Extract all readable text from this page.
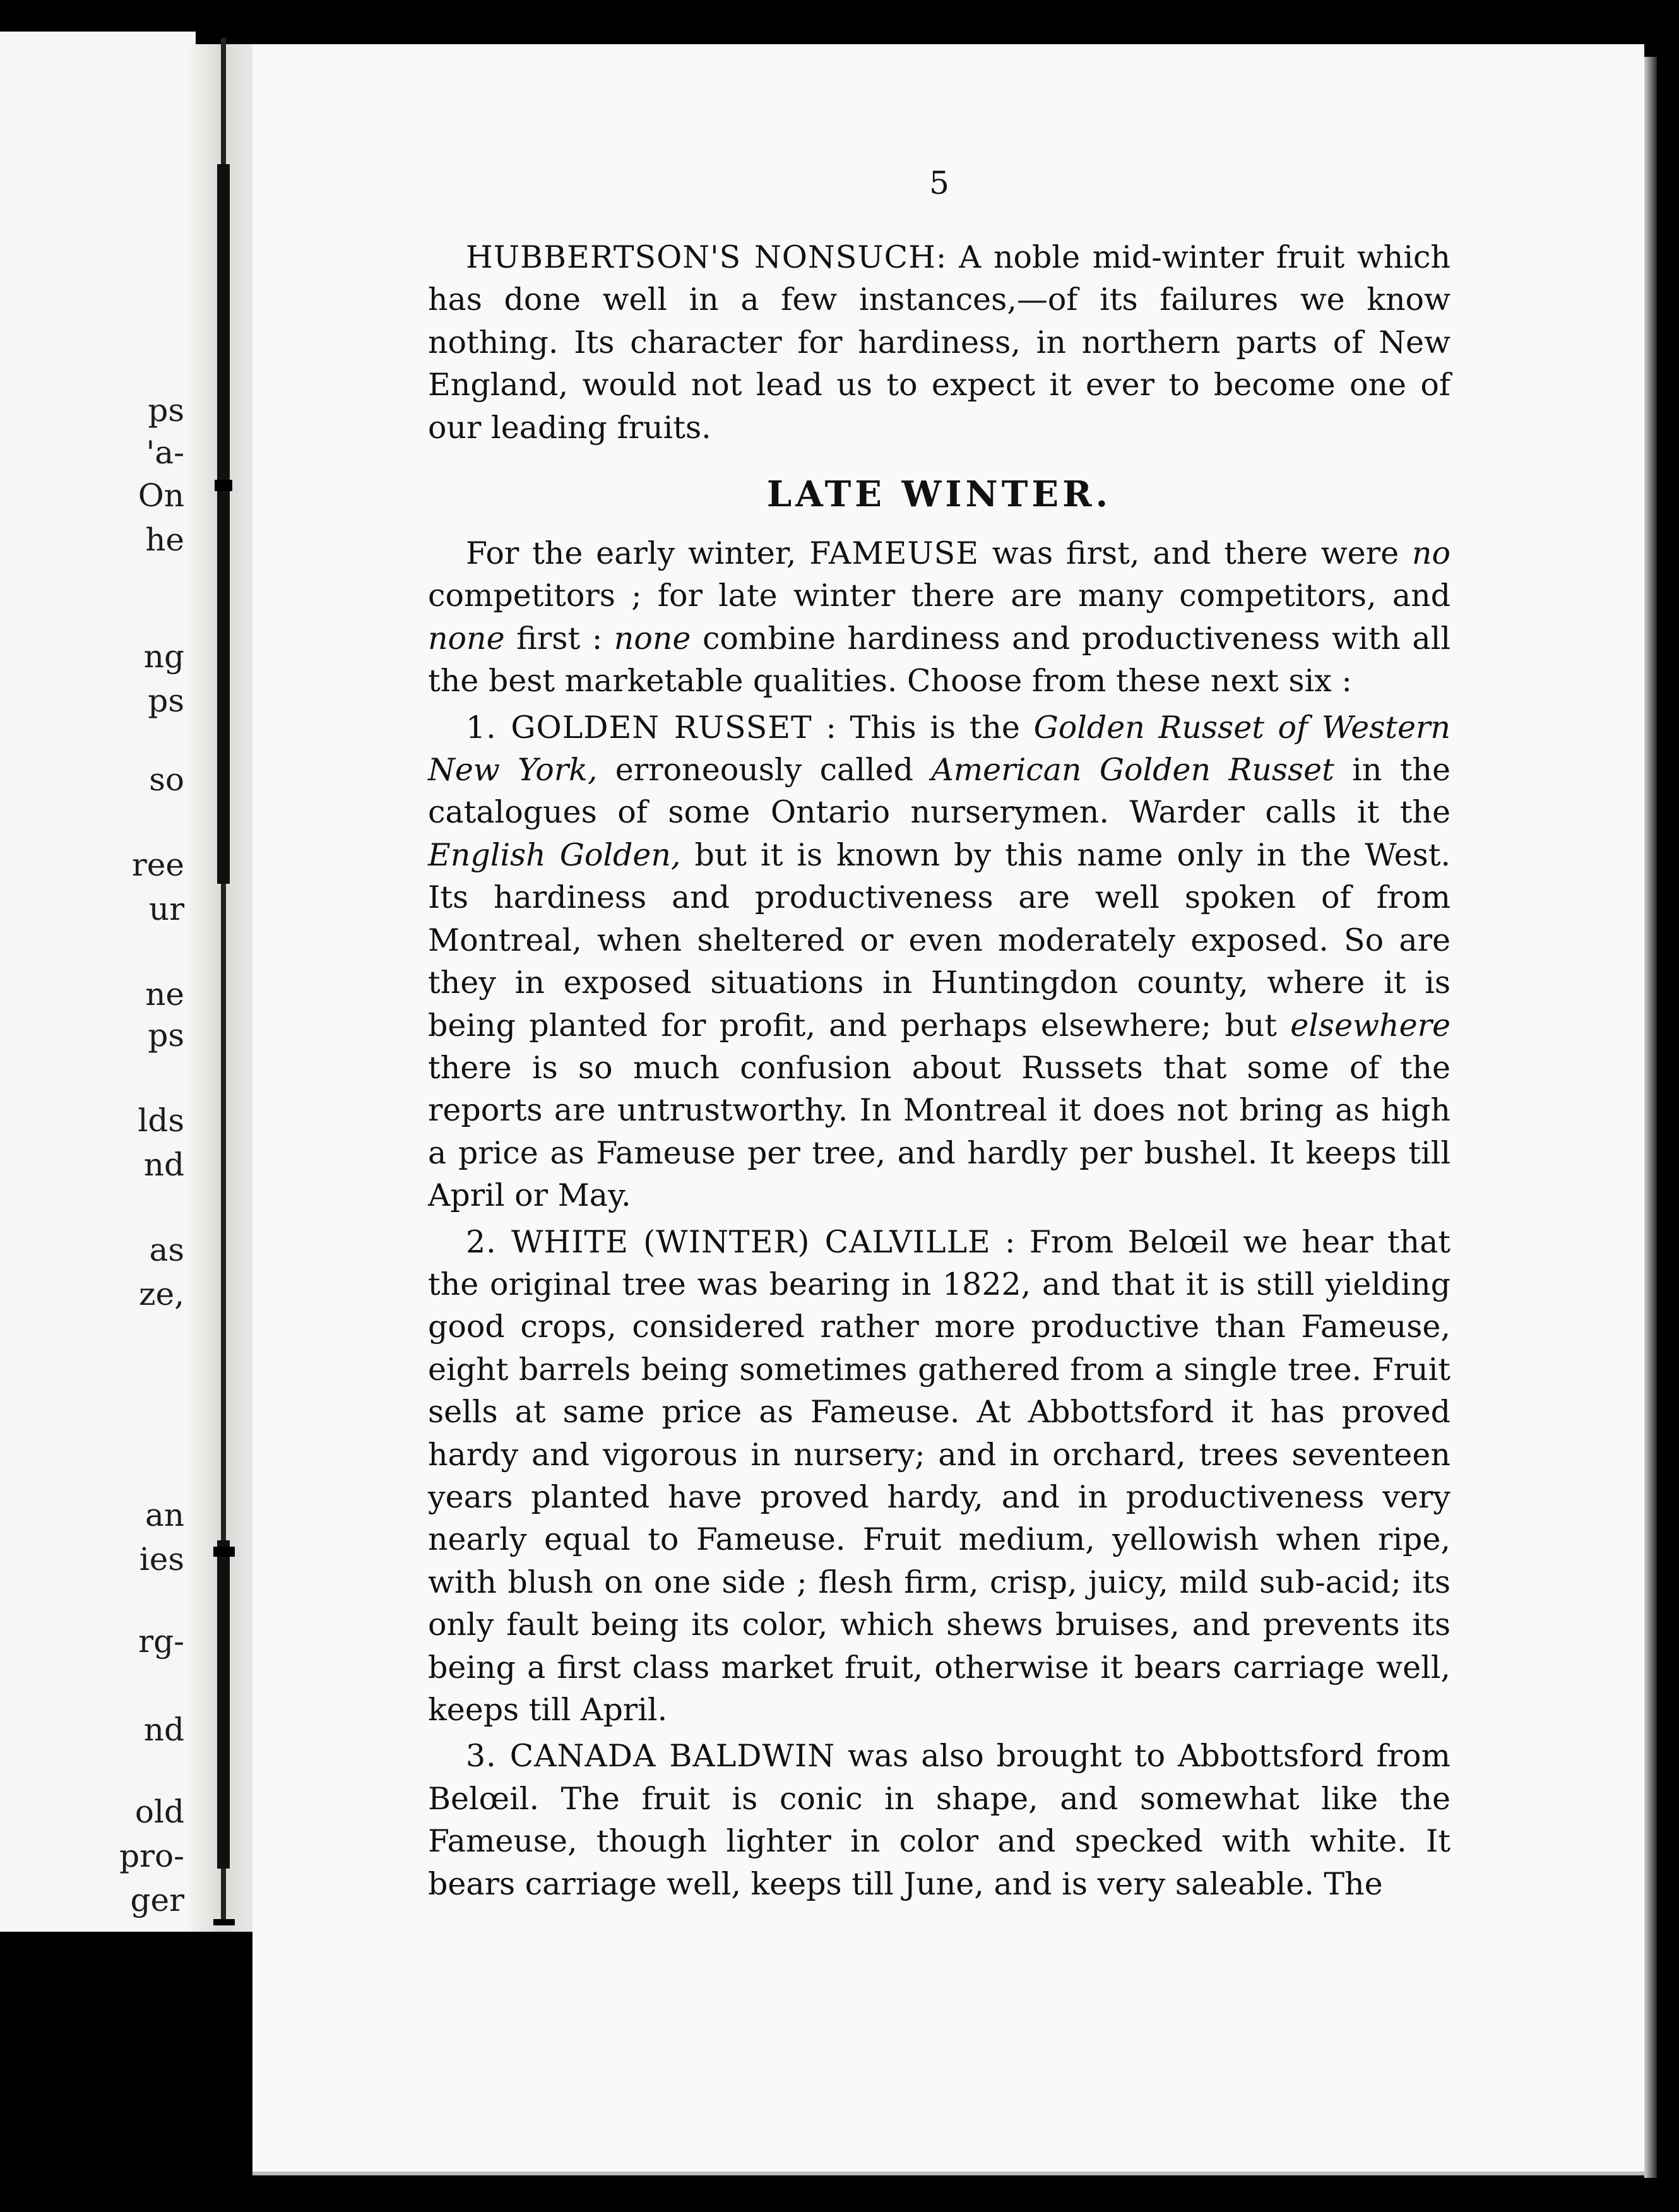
ps
'a-
On
he
ng
ps
so
ree
ur
ne
ps
lds
nd
as
ze,
an
ies
rg-
nd
old
pro-
ger
5

HUBBERTSON'S NONSUCH: A noble mid-winter fruit which has done well in a few instances,—of its failures we know nothing. Its character for hardiness, in northern parts of New England, would not lead us to expect it ever to become one of our leading fruits.

LATE WINTER.

For the early winter, FAMEUSE was first, and there were no competitors ; for late winter there are many competitors, and none first : none combine hardiness and productiveness with all the best marketable qualities. Choose from these next six :

1. GOLDEN RUSSET : This is the Golden Russet of Western New York, erroneously called American Golden Russet in the catalogues of some Ontario nurserymen. Warder calls it the English Golden, but it is known by this name only in the West. Its hardiness and productiveness are well spoken of from Montreal, when sheltered or even moderately exposed. So are they in exposed situations in Huntingdon county, where it is being planted for profit, and perhaps elsewhere; but elsewhere there is so much confusion about Russets that some of the reports are untrustworthy. In Montreal it does not bring as high a price as Fameuse per tree, and hardly per bushel. It keeps till April or May.

2. WHITE (WINTER) CALVILLE : From Belœil we hear that the original tree was bearing in 1822, and that it is still yielding good crops, considered rather more productive than Fameuse, eight barrels being sometimes gathered from a single tree. Fruit sells at same price as Fameuse. At Abbottsford it has proved hardy and vigorous in nursery; and in orchard, trees seventeen years planted have proved hardy, and in productiveness very nearly equal to Fameuse. Fruit medium, yellowish when ripe, with blush on one side ; flesh firm, crisp, juicy, mild sub-acid; its only fault being its color, which shews bruises, and prevents its being a first class market fruit, otherwise it bears carriage well, keeps till April.

3. CANADA BALDWIN was also brought to Abbottsford from Belœil. The fruit is conic in shape, and somewhat like the Fameuse, though lighter in color and specked with white. It bears carriage well, keeps till June, and is very saleable. The
